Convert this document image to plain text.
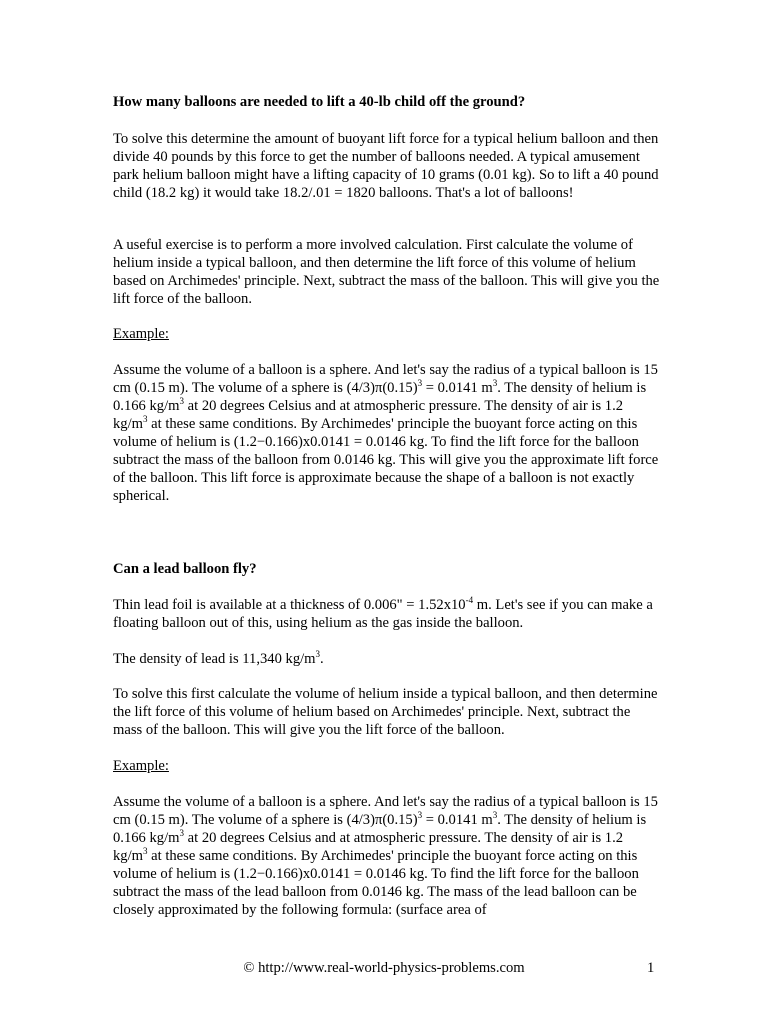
How many balloons are needed to lift a 40-lb child off the ground?

To solve this determine the amount of buoyant lift force for a typical helium balloon and then divide 40 pounds by this force to get the number of balloons needed. A typical amusement park helium balloon might have a lifting capacity of 10 grams (0.01 kg). So to lift a 40 pound child (18.2 kg) it would take 18.2/.01 = 1820 balloons. That's a lot of balloons!

A useful exercise is to perform a more involved calculation. First calculate the volume of helium inside a typical balloon, and then determine the lift force of this volume of helium based on Archimedes' principle. Next, subtract the mass of the balloon. This will give you the lift force of the balloon.

Example:

Assume the volume of a balloon is a sphere. And let's say the radius of a typical balloon is 15 cm (0.15 m). The volume of a sphere is $(4/3)\pi(0.15)^3 = 0.0141$ $m^3$. The density of helium is 0.166 $kg/m^3$ at 20 degrees Celsius and at atmospheric pressure. The density of air is 1.2 $kg/m^3$ at these same conditions. By Archimedes' principle the buoyant force acting on this volume of helium is (1.2−0.166)x0.0141 = 0.0146 kg. To find the lift force for the balloon subtract the mass of the balloon from 0.0146 kg. This will give you the approximate lift force of the balloon. This lift force is approximate because the shape of a balloon is not exactly spherical.

Can a lead balloon fly?

Thin lead foil is available at a thickness of 0.006" = $1.52x10^{-4}$ m. Let's see if you can make a floating balloon out of this, using helium as the gas inside the balloon.

The density of lead is 11,340 $kg/m^3$.

To solve this first calculate the volume of helium inside a typical balloon, and then determine the lift force of this volume of helium based on Archimedes' principle. Next, subtract the mass of the balloon. This will give you the lift force of the balloon.

Example:

Assume the volume of a balloon is a sphere. And let's say the radius of a typical balloon is 15 cm (0.15 m). The volume of a sphere is $(4/3)\pi(0.15)^3 = 0.0141$ $m^3$. The density of helium is 0.166 $kg/m^3$ at 20 degrees Celsius and at atmospheric pressure. The density of air is 1.2 $kg/m^3$ at these same conditions. By Archimedes' principle the buoyant force acting on this volume of helium is (1.2−0.166)x0.0141 = 0.0146 kg. To find the lift force for the balloon subtract the mass of the lead balloon from 0.0146 kg. The mass of the lead balloon can be closely approximated by the following formula: (surface area of

© http://www.real-world-physics-problems.com	1
